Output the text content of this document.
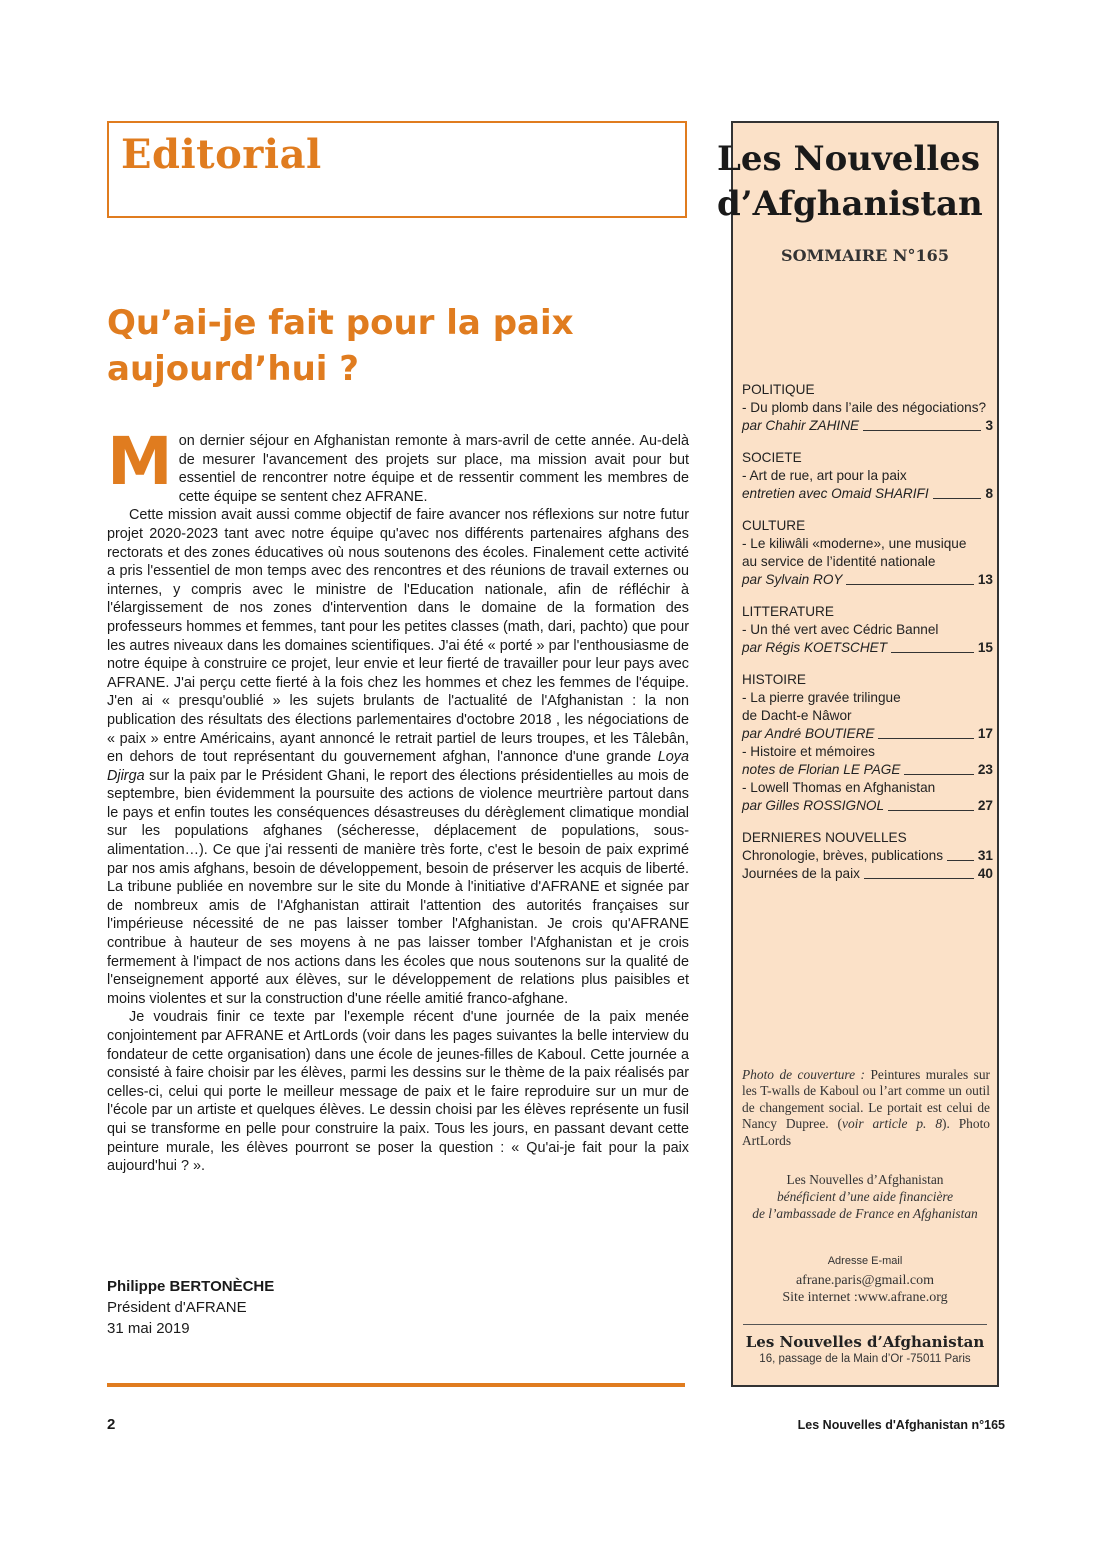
Editorial
Qu’ai-je fait pour la paix aujourd’hui ?

Mon dernier séjour en Afghanistan remonte à mars-avril de cette année. Au-delà de mesurer l'avancement des projets sur place, ma mission avait pour but essentiel de rencontrer notre équipe et de ressentir comment les membres de cette équipe se sentent chez AFRANE.

Cette mission avait aussi comme objectif de faire avancer nos réflexions sur notre futur projet 2020-2023 tant avec notre équipe qu'avec nos différents partenaires afghans des rectorats et des zones éducatives où nous soutenons des écoles. Finalement cette activité a pris l'essentiel de mon temps avec des rencontres et des réunions de travail externes ou internes, y compris avec le ministre de l'Education nationale, afin de réfléchir à l'élargissement de nos zones d'intervention dans le domaine de la formation des professeurs hommes et femmes, tant pour les petites classes (math, dari, pachto) que pour les autres niveaux dans les domaines scientifiques. J'ai été « porté » par l'enthousiasme de notre équipe à construire ce projet, leur envie et leur fierté de travailler pour leur pays avec AFRANE. J'ai perçu cette fierté à la fois chez les hommes et chez les femmes de l'équipe. J'en ai « presqu'oublié » les sujets brulants de l'actualité de l'Afghanistan : la non publication des résultats des élections parlementaires d'octobre 2018 , les négociations de « paix » entre Américains, ayant annoncé le retrait partiel de leurs troupes, et les Tâlebân, en dehors de tout représentant du gouvernement afghan, l'annonce d'une grande Loya Djirga sur la paix par le Président Ghani, le report des élections présidentielles au mois de septembre, bien évidemment la poursuite des actions de violence meurtrière partout dans le pays et enfin toutes les conséquences désastreuses du dérèglement climatique mondial sur les populations afghanes (sécheresse, déplacement de populations, sous-alimentation…). Ce que j'ai ressenti de manière très forte, c'est le besoin de paix exprimé par nos amis afghans, besoin de développement, besoin de préserver les acquis de liberté. La tribune publiée en novembre sur le site du Monde à l'initiative d'AFRANE et signée par de nombreux amis de l'Afghanistan attirait l'attention des autorités françaises sur l'impérieuse nécessité de ne pas laisser tomber l'Afghanistan. Je crois qu'AFRANE contribue à hauteur de ses moyens à ne pas laisser tomber l'Afghanistan et je crois fermement à l'impact de nos actions dans les écoles que nous soutenons sur la qualité de l'enseignement apporté aux élèves, sur le développement de relations plus paisibles et moins violentes et sur la construction d'une réelle amitié franco-afghane.

Je voudrais finir ce texte par l'exemple récent d'une journée de la paix menée conjointement par AFRANE et ArtLords (voir dans les pages suivantes la belle interview du fondateur de cette organisation) dans une école de jeunes-filles de Kaboul. Cette journée a consisté à faire choisir par les élèves, parmi les dessins sur le thème de la paix réalisés par celles-ci, celui qui porte le meilleur message de paix et le faire reproduire sur un mur de l'école par un artiste et quelques élèves. Le dessin choisi par les élèves représente un fusil qui se transforme en pelle pour construire la paix. Tous les jours, en passant devant cette peinture murale, les élèves pourront se poser la question : « Qu'ai-je fait pour la paix aujourd'hui ? ».

Philippe BERTONÈCHE
Président d'AFRANE
31 mai 2019
2	Les Nouvelles d'Afghanistan n°165
Les Nouvelles
d’Afghanistan
SOMMAIRE N°165
POLITIQUE
- Du plomb dans l’aile des négociations?
par Chahir ZAHINE	3
SOCIETE
- Art de rue, art pour la paix
entretien avec Omaid SHARIFI	8
CULTURE
- Le kiliwâli «moderne», une musique
au service de l’identité nationale
par Sylvain ROY	13
LITTERATURE
- Un thé vert avec Cédric Bannel
par Régis KOETSCHET	15
HISTOIRE
- La pierre gravée trilingue
de Dacht-e Nâwor
par André BOUTIERE	17
- Histoire et mémoires
notes de Florian LE PAGE	23
- Lowell Thomas en Afghanistan
par Gilles ROSSIGNOL	27
DERNIERES NOUVELLES
Chronologie, brèves, publications	31
Journées de la paix	40
Photo de couverture : Peintures murales sur les T-walls de Kaboul ou l’art comme un outil de changement social. Le portait est celui de Nancy Dupree. (voir article p. 8). Photo ArtLords
Les Nouvelles d’Afghanistan
bénéficient d’une aide financière
de l’ambassade de France en Afghanistan
Adresse E-mail
afrane.paris@gmail.com
Site internet :www.afrane.org
Les Nouvelles d’Afghanistan
16, passage de la Main d’Or -75011 Paris
